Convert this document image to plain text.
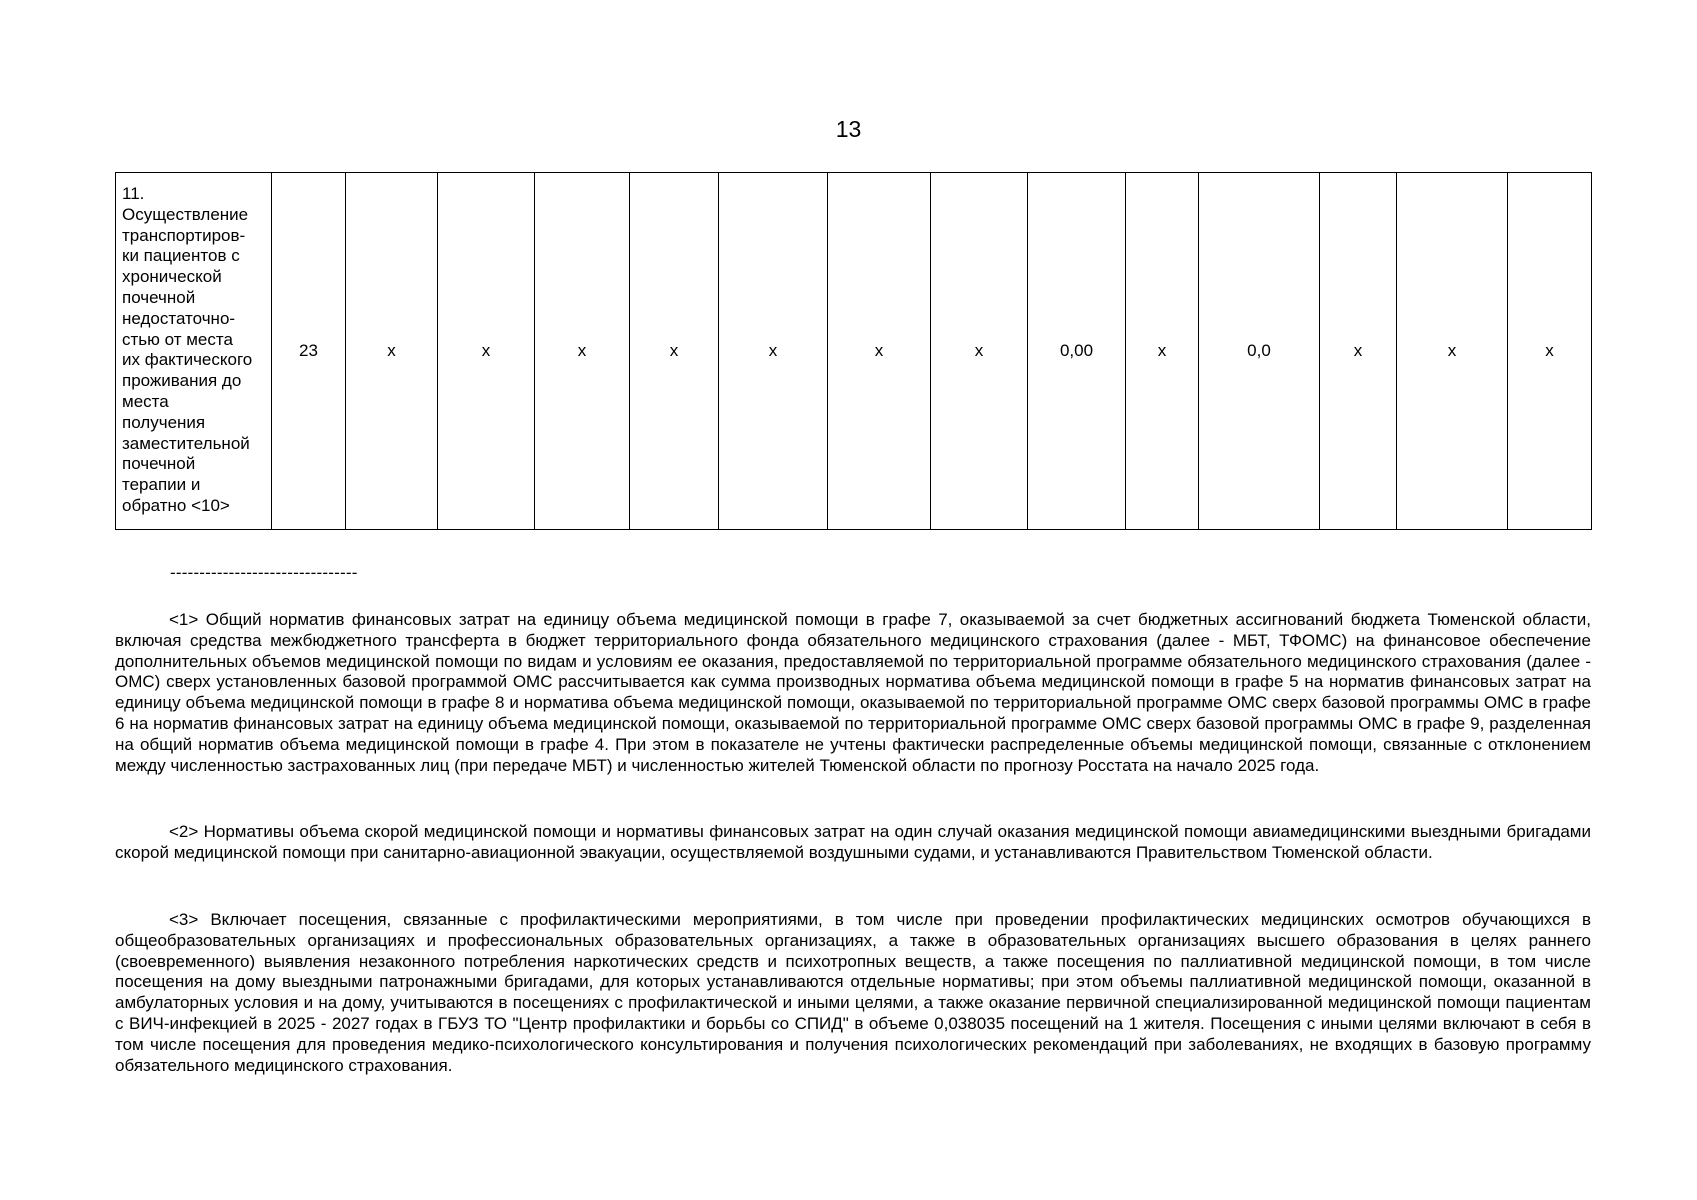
13
11.
Осуществление
транспортиров-
ки пациентов с
хронической
почечной
недостаточно-
стью от места
их фактического
проживания до
места
получения
заместительной
почечной
терапии и
обратно <10>	23	x	x	x	x	x	x	x	0,00	x	0,0	x	x	x
--------------------------------

<1> Общий норматив финансовых затрат на единицу объема медицинской помощи в графе 7, оказываемой за счет бюджетных ассигнований бюджета Тюменской области, включая средства межбюджетного трансферта в бюджет территориального фонда обязательного медицинского страхования (далее - МБТ, ТФОМС) на финансовое обеспечение дополнительных объемов медицинской помощи по видам и условиям ее оказания, предоставляемой по территориальной программе обязательного медицинского страхования (далее - ОМС) сверх установленных базовой программой ОМС рассчитывается как сумма производных норматива объема медицинской помощи в графе 5 на норматив финансовых затрат на единицу объема медицинской помощи в графе 8 и норматива объема медицинской помощи, оказываемой по территориальной программе ОМС сверх базовой программы ОМС в графе 6 на норматив финансовых затрат на единицу объема медицинской помощи, оказываемой по территориальной программе ОМС сверх базовой программы ОМС в графе 9, разделенная на общий норматив объема медицинской помощи в графе 4. При этом в показателе не учтены фактически распределенные объемы медицинской помощи, связанные с отклонением между численностью застрахованных лиц (при передаче МБТ) и численностью жителей Тюменской области по прогнозу Росстата на начало 2025 года.

<2> Нормативы объема скорой медицинской помощи и нормативы финансовых затрат на один случай оказания медицинской помощи авиамедицинскими выездными бригадами скорой медицинской помощи при санитарно-авиационной эвакуации, осуществляемой воздушными судами, и устанавливаются Правительством Тюменской области.

<3> Включает посещения, связанные с профилактическими мероприятиями, в том числе при проведении профилактических медицинских осмотров обучающихся в общеобразовательных организациях и профессиональных образовательных организациях, а также в образовательных организациях высшего образования в целях раннего (своевременного) выявления незаконного потребления наркотических средств и психотропных веществ, а также посещения по паллиативной медицинской помощи, в том числе посещения на дому выездными патронажными бригадами, для которых устанавливаются отдельные нормативы; при этом объемы паллиативной медицинской помощи, оказанной в амбулаторных условия и на дому, учитываются в посещениях с профилактической и иными целями, а также оказание первичной специализированной медицинской помощи пациентам с ВИЧ-инфекцией в 2025 - 2027 годах в ГБУЗ ТО "Центр профилактики и борьбы со СПИД" в объеме 0,038035 посещений на 1 жителя. Посещения с иными целями включают в себя в том числе посещения для проведения медико-психологического консультирования и получения психологических рекомендаций при заболеваниях, не входящих в базовую программу обязательного медицинского страхования.
